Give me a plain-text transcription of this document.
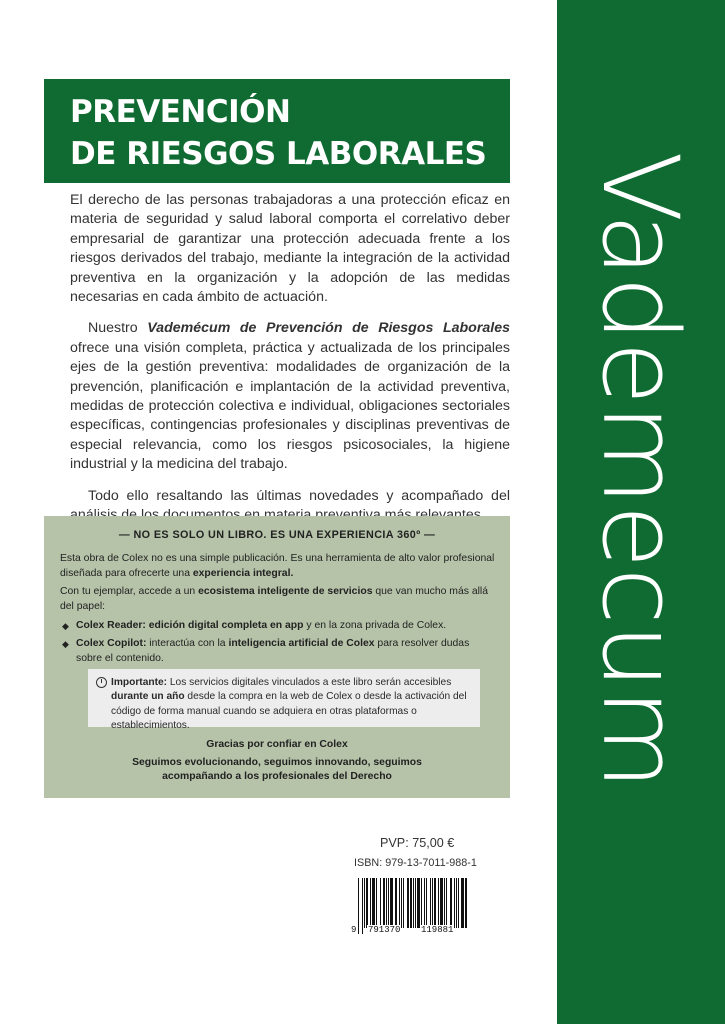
Vademecum
PREVENCIÓN
DE RIESGOS LABORALES

El derecho de las personas trabajadoras a una protección eficaz en materia de seguridad y salud laboral comporta el correlativo deber empresarial de garantizar una protección adecuada frente a los riesgos derivados del trabajo, mediante la integración de la actividad preventiva en la organización y la adopción de las medidas necesarias en cada ámbito de actuación.

Nuestro Vademécum de Prevención de Riesgos Laborales ofrece una visión completa, práctica y actualizada de los principales ejes de la gestión preventiva: modalidades de organización de la prevención, planificación e implantación de la actividad preventiva, medidas de protección colectiva e individual, obligaciones sectoriales específicas, contingencias profesionales y disciplinas preventivas de especial relevancia, como los riesgos psicosociales, la higiene industrial y la medicina del trabajo.

Todo ello resaltando las últimas novedades y acompañado del

— NO ES SOLO UN LIBRO. ES UNA EXPERIENCIA 360º —

Esta obra de Colex no es una simple publicación. Es una herramienta de alto valor profesional diseñada para ofrecerte una experiencia integral.

Con tu ejemplar, accede a un ecosistema inteligente de servicios que van mucho más allá del papel:

◆ Colex Reader: edición digital completa en app y en la zona privada de Colex.
◆ Colex Copilot: interactúa con la inteligencia artificial de Colex para resolver dudas sobre el contenido.
Gracias por confiar en Colex
Seguimos evolucionando, seguimos innovando, seguimos
acompañando a los profesionales del Derecho
Importante: Los servicios digitales vinculados a este libro serán accesibles durante un año desde la compra en la web de Colex o desde la activación del código de forma manual cuando se adquiera en otras plataformas o establecimientos.
PVP: 75,00 €
ISBN: 979-13-7011-988-1
9 791370 119881
